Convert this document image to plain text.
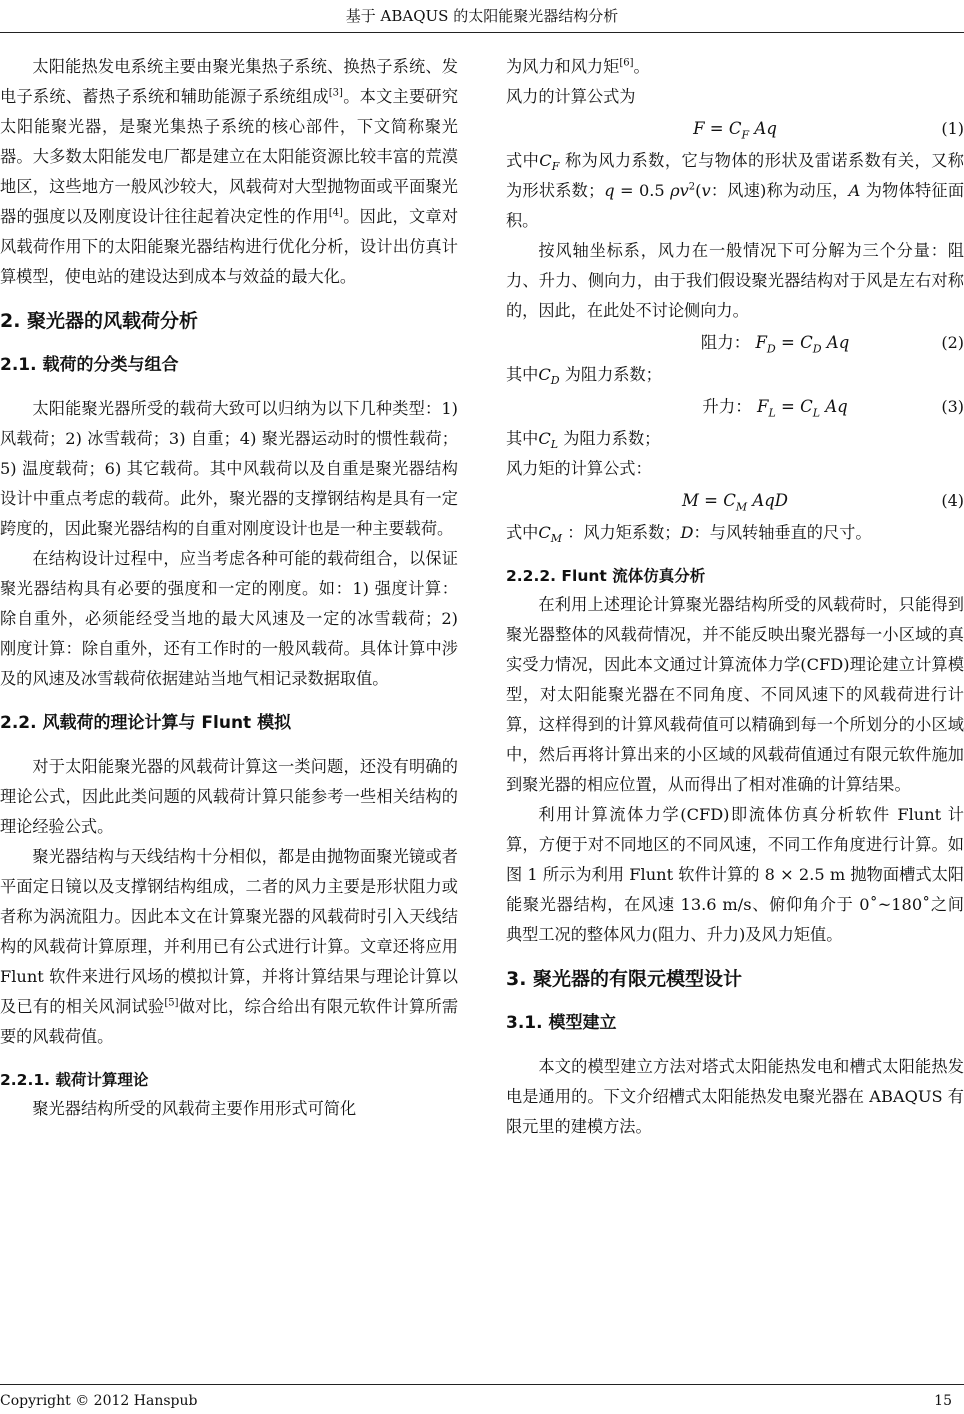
基于 ABAQUS 的太阳能聚光器结构分析

太阳能热发电系统主要由聚光集热子系统、换热子系统、发电子系统、蓄热子系统和辅助能源子系统组成[3]。本文主要研究太阳能聚光器，是聚光集热子系统的核心部件，下文简称聚光器。大多数太阳能发电厂都是建立在太阳能资源比较丰富的荒漠地区，这些地方一般风沙较大，风载荷对大型抛物面或平面聚光器的强度以及刚度设计往往起着决定性的作用[4]。因此，文章对风载荷作用下的太阳能聚光器结构进行优化分析，设计出仿真计算模型，使电站的建设达到成本与效益的最大化。

2. 聚光器的风载荷分析
2.1. 载荷的分类与组合

太阳能聚光器所受的载荷大致可以归纳为以下几种类型：1) 风载荷；2) 冰雪载荷；3) 自重；4) 聚光器运动时的惯性载荷；5) 温度载荷；6) 其它载荷。其中风载荷以及自重是聚光器结构设计中重点考虑的载荷。此外，聚光器的支撑钢结构是具有一定跨度的，因此聚光器结构的自重对刚度设计也是一种主要载荷。

在结构设计过程中，应当考虑各种可能的载荷组合，以保证聚光器结构具有必要的强度和一定的刚度。如：1) 强度计算：除自重外，必须能经受当地的最大风速及一定的冰雪载荷；2) 刚度计算：除自重外，还有工作时的一般风载荷。具体计算中涉及的风速及冰雪载荷依据建站当地气相记录数据取值。

2.2. 风载荷的理论计算与 Flunt 模拟

对于太阳能聚光器的风载荷计算这一类问题，还没有明确的理论公式，因此此类问题的风载荷计算只能参考一些相关结构的理论经验公式。

聚光器结构与天线结构十分相似，都是由抛物面聚光镜或者平面定日镜以及支撑钢结构组成，二者的风力主要是形状阻力或者称为涡流阻力。因此本文在计算聚光器的风载荷时引入天线结构的风载荷计算原理，并利用已有公式进行计算。文章还将应用 Flunt 软件来进行风场的模拟计算，并将计算结果与理论计算以及已有的相关风洞试验[5]做对比，综合给出有限元软件计算所需要的风载荷值。

2.2.1. 载荷计算理论

聚光器结构所受的风载荷主要作用形式可简化

为风力和风力矩[6]。

风力的计算公式为

$F = C_F$ Aq	(1)

式中$C_F$ 称为风力系数，它与物体的形状及雷诺系数有关，又称为形状系数；q = 0.5 $\rho v^2(v$：风速)称为动压，A 为物体特征面积。

按风轴坐标系，风力在一般情况下可分解为三个分量：阻力、升力、侧向力，由于我们假设聚光器结构对于风是左右对称的，因此，在此处不讨论侧向力。

阻力： $F_D = C_D$ Aq	(2)

其中$C_D$ 为阻力系数；

升力： $F_L = C_L$ Aq	(3)

其中$C_L$ 为阻力系数；

风力矩的计算公式：

$M = C_M$ AqD	(4)

式中$C_M$ ：风力矩系数；D：与风转轴垂直的尺寸。

2.2.2. Flunt 流体仿真分析

在利用上述理论计算聚光器结构所受的风载荷时，只能得到聚光器整体的风载荷情况，并不能反映出聚光器每一小区域的真实受力情况，因此本文通过计算流体力学(CFD)理论建立计算模型，对太阳能聚光器在不同角度、不同风速下的风载荷进行计算，这样得到的计算风载荷值可以精确到每一个所划分的小区域中，然后再将计算出来的小区域的风载荷值通过有限元软件施加到聚光器的相应位置，从而得出了相对准确的计算结果。

利用计算流体力学(CFD)即流体仿真分析软件 Flunt 计算，方便于对不同地区的不同风速，不同工作角度进行计算。如图 1 所示为利用 Flunt 软件计算的 8 × 2.5 m 抛物面槽式太阳能聚光器结构，在风速 13.6 m/s、俯仰角介于 0˚~180˚之间典型工况的整体风力(阻力、升力)及风力矩值。

3. 聚光器的有限元模型设计
3.1. 模型建立

本文的模型建立方法对塔式太阳能热发电和槽式太阳能热发电是通用的。下文介绍槽式太阳能热发电聚光器在 ABAQUS 有限元里的建模方法。

Copyright © 2012 Hanspub	15
